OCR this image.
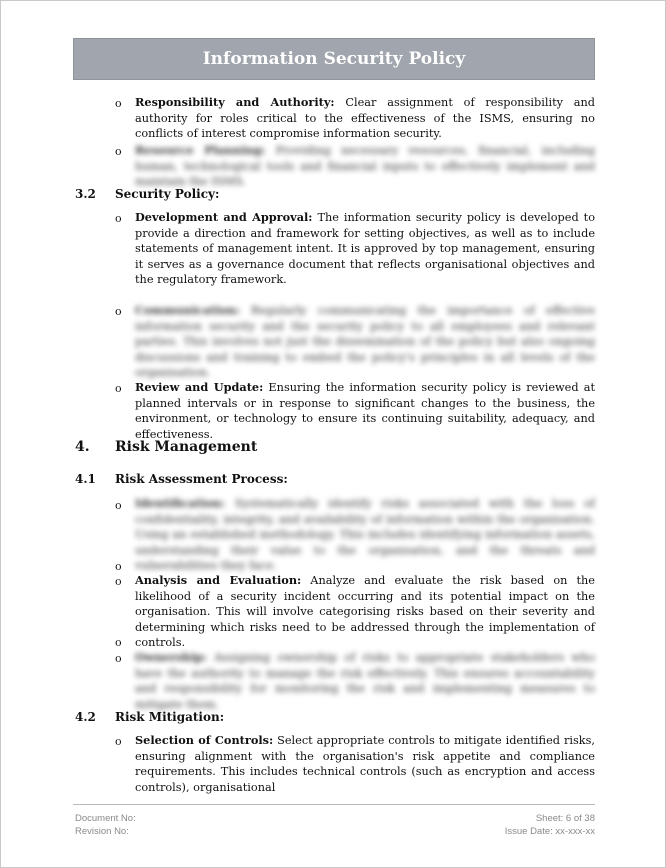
Information Security Policy
o Responsibility and Authority: Clear assignment of responsibility and authority for roles critical to the effectiveness of the ISMS, ensuring no conflicts of interest compromise information security.
o Resource Planning: Providing necessary resources, financial, including human, technological tools and financial inputs to effectively implement and maintain the ISMS.
3.2 Security Policy:
o Development and Approval: The information security policy is developed to provide a direction and framework for setting objectives, as well as to include statements of management intent. It is approved by top management, ensuring it serves as a governance document that reflects organisational objectives and the regulatory framework.
o Communication: Regularly communicating the importance of effective information security and the security policy to all employees and relevant parties. This involves not just the dissemination of the policy but also ongoing discussions and training to embed the policy's principles in all levels of the organisation.
o Review and Update: Ensuring the information security policy is reviewed at planned intervals or in response to significant changes to the business, the environment, or technology to ensure its continuing suitability, adequacy, and effectiveness.
4. Risk Management
4.1 Risk Assessment Process:
o Identification: Systematically identify risks associated with the loss of confidentiality, integrity, and availability of information within the organisation. Using an established methodology. This includes identifying information assets, understanding their value to the organisation, and the threats and vulnerabilities they face.
o
o Analysis and Evaluation: Analyze and evaluate the risk based on the likelihood of a security incident occurring and its potential impact on the organisation. This will involve categorising risks based on their severity and determining which risks need to be addressed through the implementation of controls.
o
o Ownership: Assigning ownership of risks to appropriate stakeholders who have the authority to manage the risk effectively. This ensures accountability and responsibility for monitoring the risk and implementing measures to mitigate them.
4.2 Risk Mitigation:
o Selection of Controls: Select appropriate controls to mitigate identified risks, ensuring alignment with the organisation's risk appetite and compliance requirements. This includes technical controls (such as encryption and access controls), organisational
Document No:
Revision No:
Sheet: 6 of 38
Issue Date: xx-xxx-xx
